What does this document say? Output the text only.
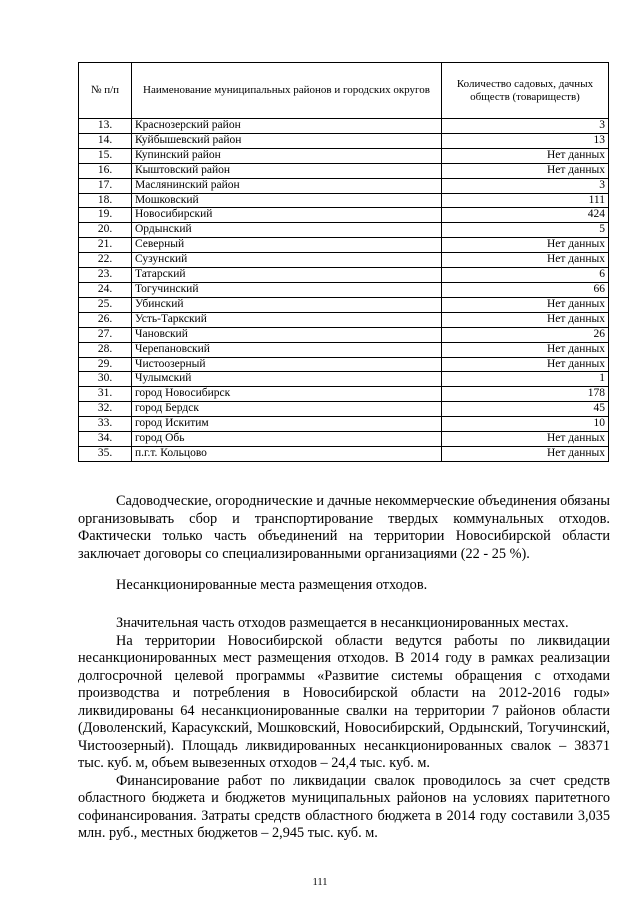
№ п/п	Наименование муниципальных районов и городских округов	Количество садовых, дачных обществ (товариществ)
13.	Краснозерский район	3
14.	Куйбышевский район	13
15.	Купинский район	Нет данных
16.	Кыштовский район	Нет данных
17.	Маслянинский район	3
18.	Мошковский	111
19.	Новосибирский	424
20.	Ордынский	5
21.	Северный	Нет данных
22.	Сузунский	Нет данных
23.	Татарский	6
24.	Тогучинский	66
25.	Убинский	Нет данных
26.	Усть-Таркский	Нет данных
27.	Чановский	26
28.	Черепановский	Нет данных
29.	Чистоозерный	Нет данных
30.	Чулымский	1
31.	город Новосибирск	178
32.	город Бердск	45
33.	город Искитим	10
34.	город Обь	Нет данных
35.	п.г.т. Кольцово	Нет данных

Садоводческие, огороднические и дачные некоммерческие объединения обязаны организовывать сбор и транспортирование твердых коммунальных отходов. Фактически только часть объединений на территории Новосибирской области заключает договоры со специализированными организациями (22 - 25 %).

Несанкционированные места размещения отходов.

Значительная часть отходов размещается в несанкционированных местах.

На территории Новосибирской области ведутся работы по ликвидации несанкционированных мест размещения отходов. В 2014 году в рамках реализации долгосрочной целевой программы «Развитие системы обращения с отходами производства и потребления в Новосибирской области на 2012-2016 годы» ликвидированы 64 несанкционированные свалки на территории 7 районов области (Доволенский, Карасукский, Мошковский, Новосибирский, Ордынский, Тогучинский, Чистоозерный). Площадь ликвидированных несанкционированных свалок – 38371 тыс. куб. м, объем вывезенных отходов – 24,4 тыс. куб. м.

Финансирование работ по ликвидации свалок проводилось за счет средств областного бюджета и бюджетов муниципальных районов на условиях паритетного софинансирования. Затраты средств областного бюджета в 2014 году составили 3,035 млн. руб., местных бюджетов – 2,945 тыс. куб. м.

111
